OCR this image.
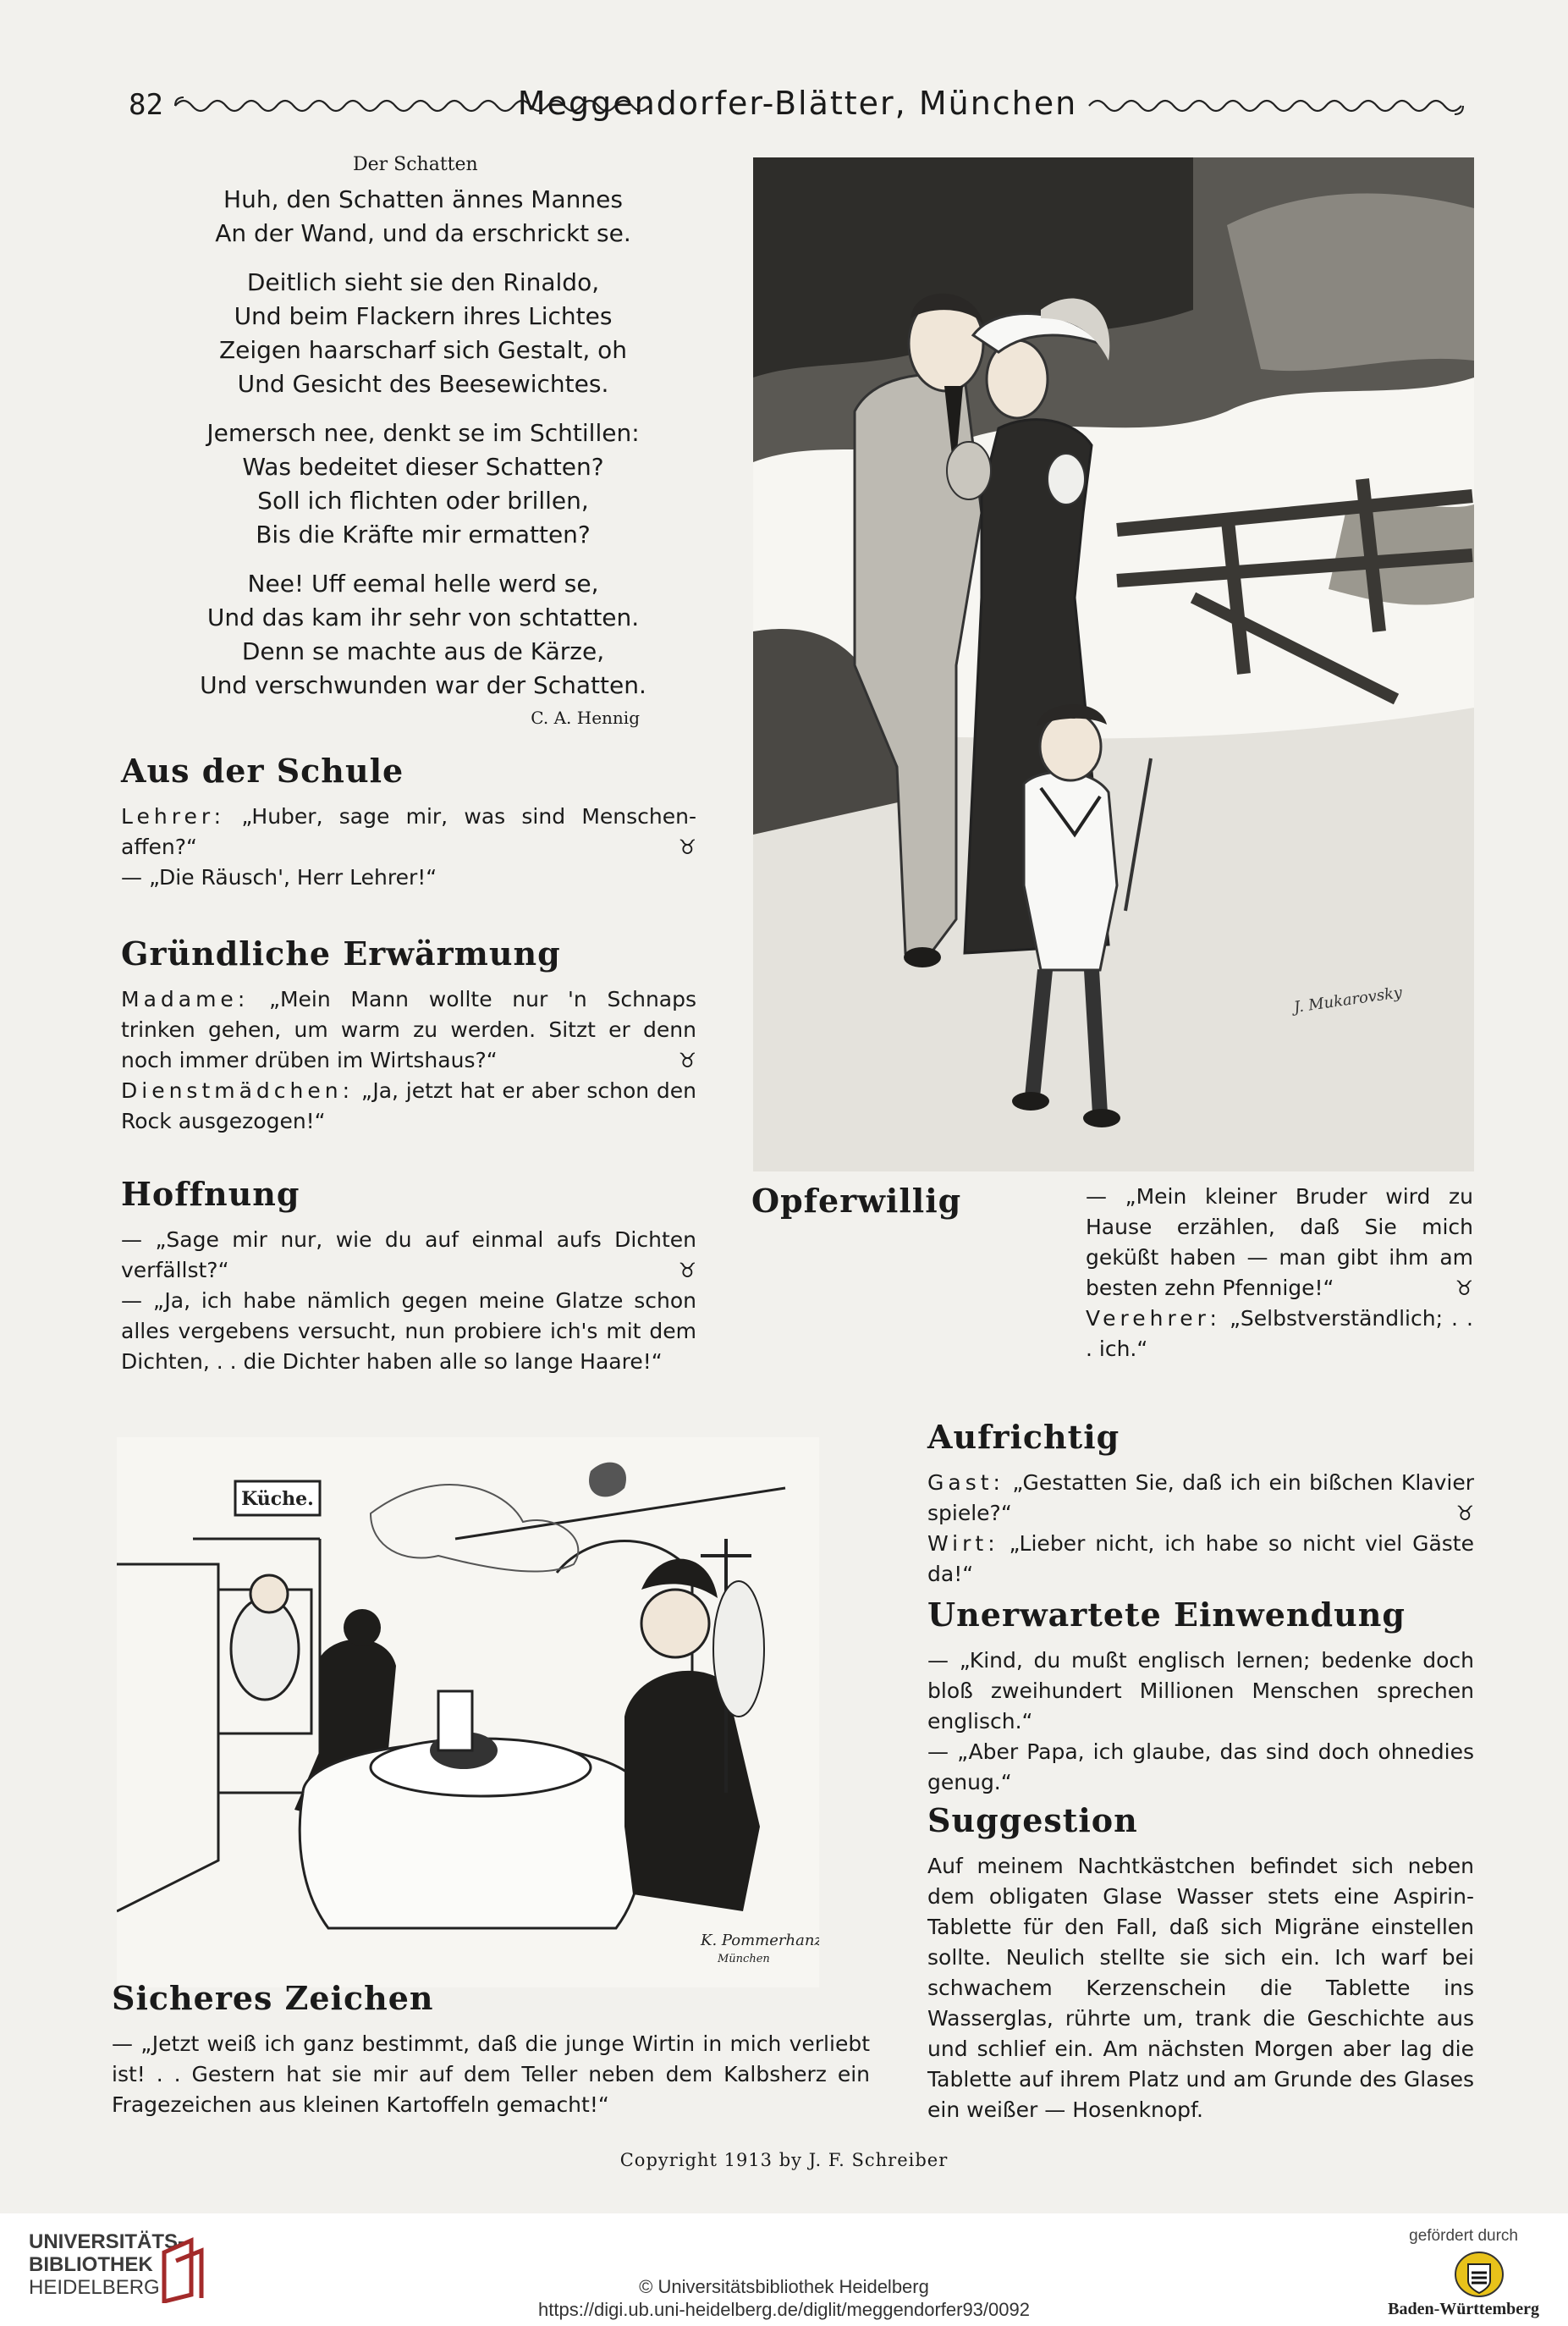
82	Meggendorfer-Blätter, München
Der Schatten
Huh, den Schatten ännes Mannes
An der Wand, und da erschrickt se.
Deitlich sieht sie den Rinaldo,
Und beim Flackern ihres Lichtes
Zeigen haarscharf sich Gestalt, oh
Und Gesicht des Beesewichtes.
Jemersch nee, denkt se im Schtillen:
Was bedeitet dieser Schatten?
Soll ich flichten oder brillen,
Bis die Kräfte mir ermatten?
Nee! Uff eemal helle werd se,
Und das kam ihr sehr von schtatten.
Denn se machte aus de Kärze,
Und verschwunden war der Schatten.
C. A. Hennig
J. Mukarovsky
Aus der Schule

Lehrer: „Huber, sage mir, was sind Menschen-affen?“	♉

— „Die Räusch', Herr Lehrer!“

Gründliche Erwärmung

Madame: „Mein Mann wollte nur 'n Schnaps trinken gehen, um warm zu werden. Sitzt er denn noch immer drüben im Wirtshaus?“	♉

Dienstmädchen: „Ja, jetzt hat er aber schon den Rock ausgezogen!“

Hoffnung

— „Sage mir nur, wie du auf einmal aufs Dichten verfällst?“	♉

— „Ja, ich habe nämlich gegen meine Glatze schon alles vergebens versucht, nun probiere ich's mit dem Dichten, . . die Dichter haben alle so lange Haare!“

Opferwillig	— „Mein kleiner Bruder wird zu Hause erzählen, daß Sie mich geküßt haben — man gibt ihm am besten zehn Pfennige!“	♉

Verehrer: „Selbstverständlich; . . . ich.“

Küche.
K. Pommerhanz
München
Aufrichtig

Gast: „Gestatten Sie, daß ich ein bißchen Klavier spiele?“	♉

Wirt: „Lieber nicht, ich habe so nicht viel Gäste da!“

Unerwartete Einwendung

— „Kind, du mußt englisch lernen; bedenke doch bloß zweihundert Millionen Menschen sprechen englisch.“

— „Aber Papa, ich glaube, das sind doch ohnedies genug.“

Suggestion

Auf meinem Nachtkästchen befindet sich neben dem obligaten Glase Wasser stets eine Aspirin-Tablette für den Fall, daß sich Migräne einstellen sollte. Neulich stellte sie sich ein. Ich warf bei schwachem Kerzenschein die Tablette ins Wasserglas, rührte um, trank die Geschichte aus und schlief ein. Am nächsten Morgen aber lag die Tablette auf ihrem Platz und am Grunde des Glases ein weißer — Hosenknopf.

Sicheres Zeichen

— „Jetzt weiß ich ganz bestimmt, daß die junge Wirtin in mich verliebt ist! . . Gestern hat sie mir auf dem Teller neben dem Kalbsherz ein Fragezeichen aus kleinen Kartoffeln gemacht!“

Copyright 1913 by J. F. Schreiber
UNIVERSITÄTS-
BIBLIOTHEK
HEIDELBERG	© Universitätsbibliothek Heidelberg
https://digi.ub.uni-heidelberg.de/diglit/meggendorfer93/0092
gefördert durch
Baden-Württemberg
